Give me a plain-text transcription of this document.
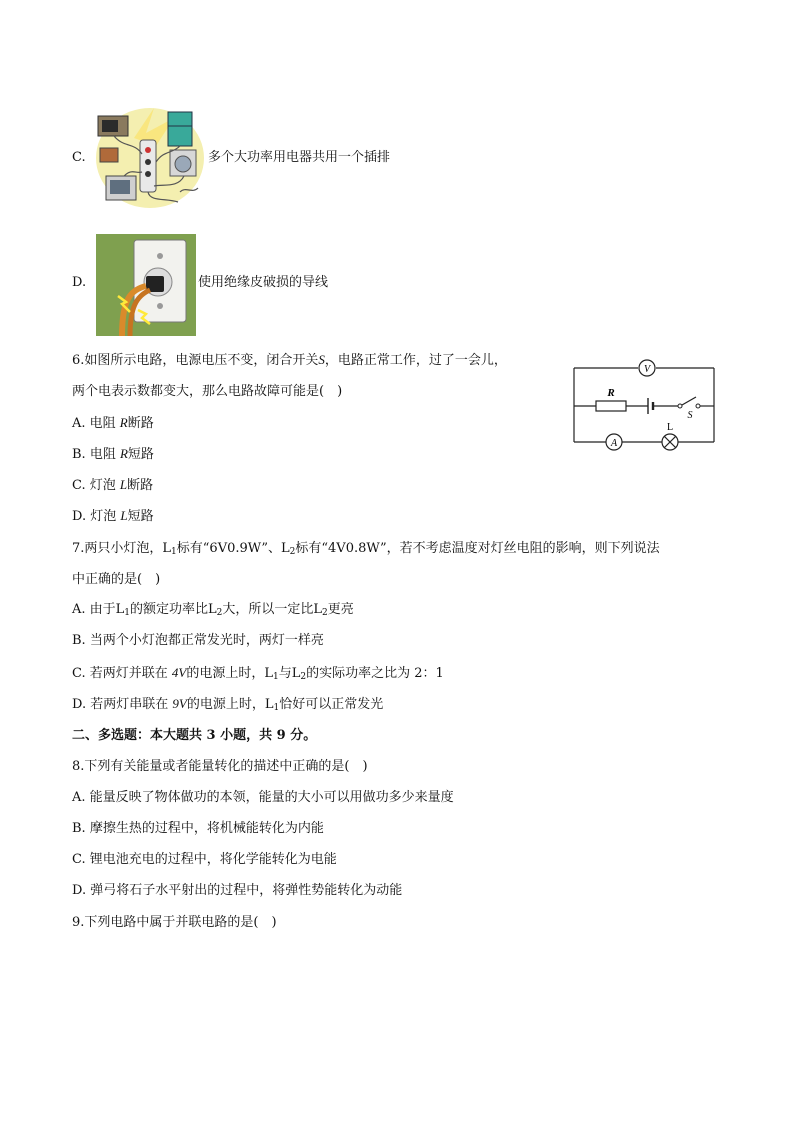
C.	多个大功率用电器共用一个插排
D.	使用绝缘皮破损的导线
6.如图所示电路，电源电压不变，闭合开关S，电路正常工作，过了一会儿，
两个电表示数都变大，那么电路故障可能是(　)
A. 电阻 R断路
B. 电阻 R短路
C. 灯泡 L断路
D. 灯泡 L短路
V
R
S
A
L
7.两只小灯泡，$L_1$标有“6V0.9W”、$L_2$标有“4V0.8W”，若不考虑温度对灯丝电阻的影响，则下列说法
中正确的是(　)
A. 由于$L_1$的额定功率比$L_2$大，所以一定比$L_2$更亮
B. 当两个小灯泡都正常发光时，两灯一样亮
C. 若两灯并联在 4V的电源上时，$L_1$与$L_2$的实际功率之比为 2：1
D. 若两灯串联在 9V的电源上时，$L_1$恰好可以正常发光
二、多选题：本大题共 3 小题，共 9 分。
8.下列有关能量或者能量转化的描述中正确的是(　)
A. 能量反映了物体做功的本领，能量的大小可以用做功多少来量度
B. 摩擦生热的过程中，将机械能转化为内能
C. 锂电池充电的过程中，将化学能转化为电能
D. 弹弓将石子水平射出的过程中，将弹性势能转化为动能
9.下列电路中属于并联电路的是(　)
